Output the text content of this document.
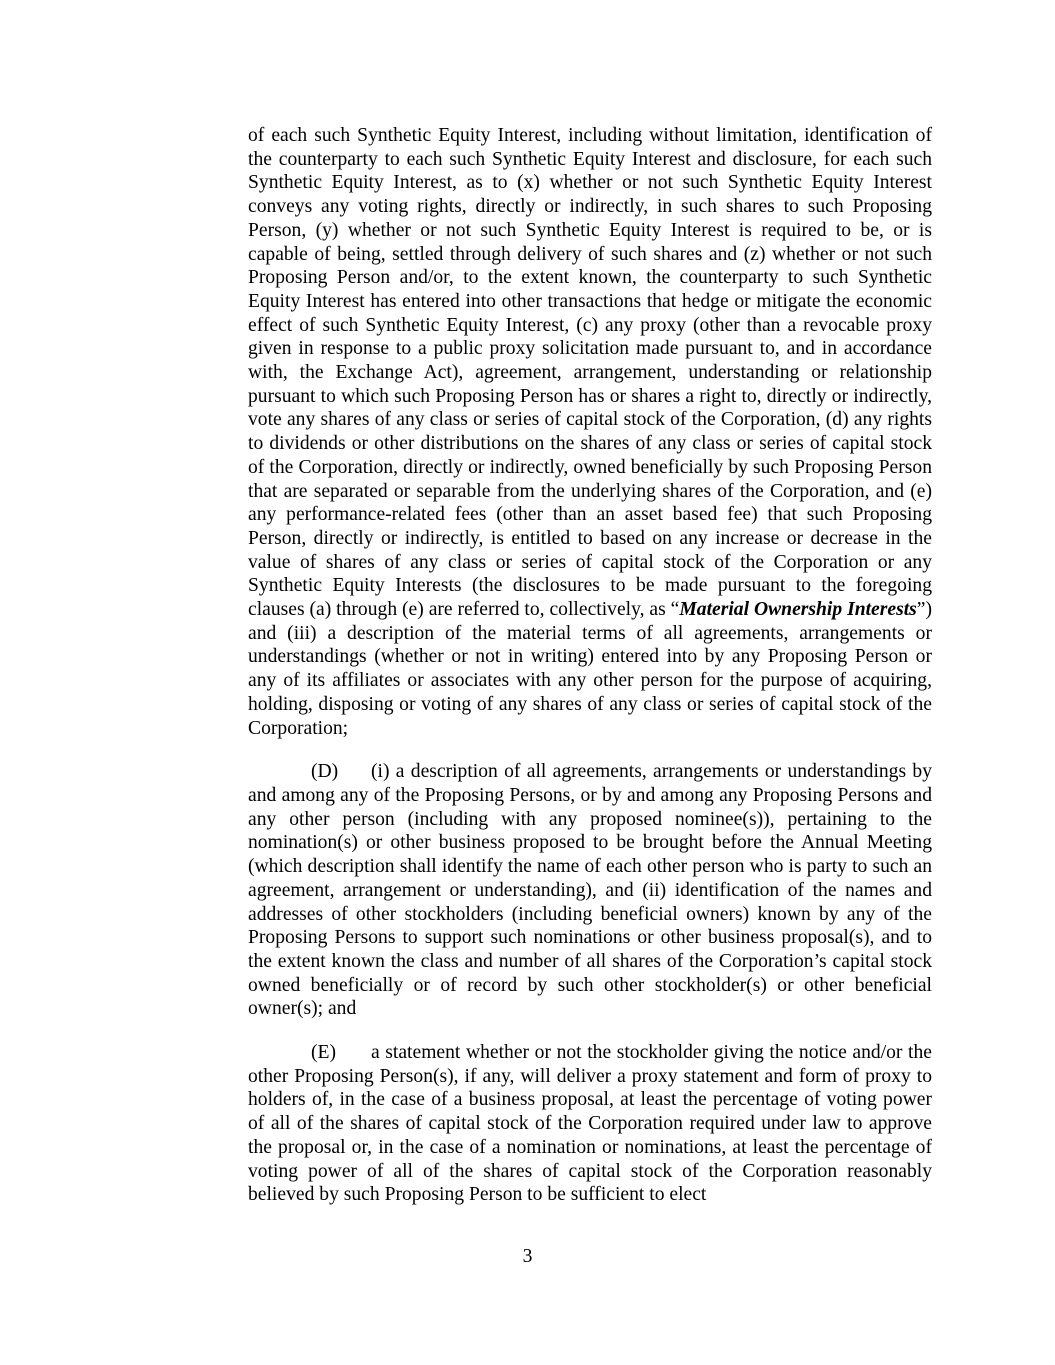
of each such Synthetic Equity Interest, including without limitation, identification of the counterparty to each such Synthetic Equity Interest and disclosure, for each such Synthetic Equity Interest, as to (x) whether or not such Synthetic Equity Interest conveys any voting rights, directly or indirectly, in such shares to such Proposing Person, (y) whether or not such Synthetic Equity Interest is required to be, or is capable of being, settled through delivery of such shares and (z) whether or not such Proposing Person and/or, to the extent known, the counterparty to such Synthetic Equity Interest has entered into other transactions that hedge or mitigate the economic effect of such Synthetic Equity Interest, (c) any proxy (other than a revocable proxy given in response to a public proxy solicitation made pursuant to, and in accordance with, the Exchange Act), agreement, arrangement, understanding or relationship pursuant to which such Proposing Person has or shares a right to, directly or indirectly, vote any shares of any class or series of capital stock of the Corporation, (d) any rights to dividends or other distributions on the shares of any class or series of capital stock of the Corporation, directly or indirectly, owned beneficially by such Proposing Person that are separated or separable from the underlying shares of the Corporation, and (e) any performance-related fees (other than an asset based fee) that such Proposing Person, directly or indirectly, is entitled to based on any increase or decrease in the value of shares of any class or series of capital stock of the Corporation or any Synthetic Equity Interests (the disclosures to be made pursuant to the foregoing clauses (a) through (e) are referred to, collectively, as “Material Ownership Interests”) and (iii) a description of the material terms of all agreements, arrangements or understandings (whether or not in writing) entered into by any Proposing Person or any of its affiliates or associates with any other person for the purpose of acquiring, holding, disposing or voting of any shares of any class or series of capital stock of the Corporation;

(D) (i) a description of all agreements, arrangements or understandings by and among any of the Proposing Persons, or by and among any Proposing Persons and any other person (including with any proposed nominee(s)), pertaining to the nomination(s) or other business proposed to be brought before the Annual Meeting (which description shall identify the name of each other person who is party to such an agreement, arrangement or understanding), and (ii) identification of the names and addresses of other stockholders (including beneficial owners) known by any of the Proposing Persons to support such nominations or other business proposal(s), and to the extent known the class and number of all shares of the Corporation’s capital stock owned beneficially or of record by such other stockholder(s) or other beneficial owner(s); and

(E) a statement whether or not the stockholder giving the notice and/or the other Proposing Person(s), if any, will deliver a proxy statement and form of proxy to holders of, in the case of a business proposal, at least the percentage of voting power of all of the shares of capital stock of the Corporation required under law to approve the proposal or, in the case of a nomination or nominations, at least the percentage of voting power of all of the shares of capital stock of the Corporation reasonably believed by such Proposing Person to be sufficient to elect

3
